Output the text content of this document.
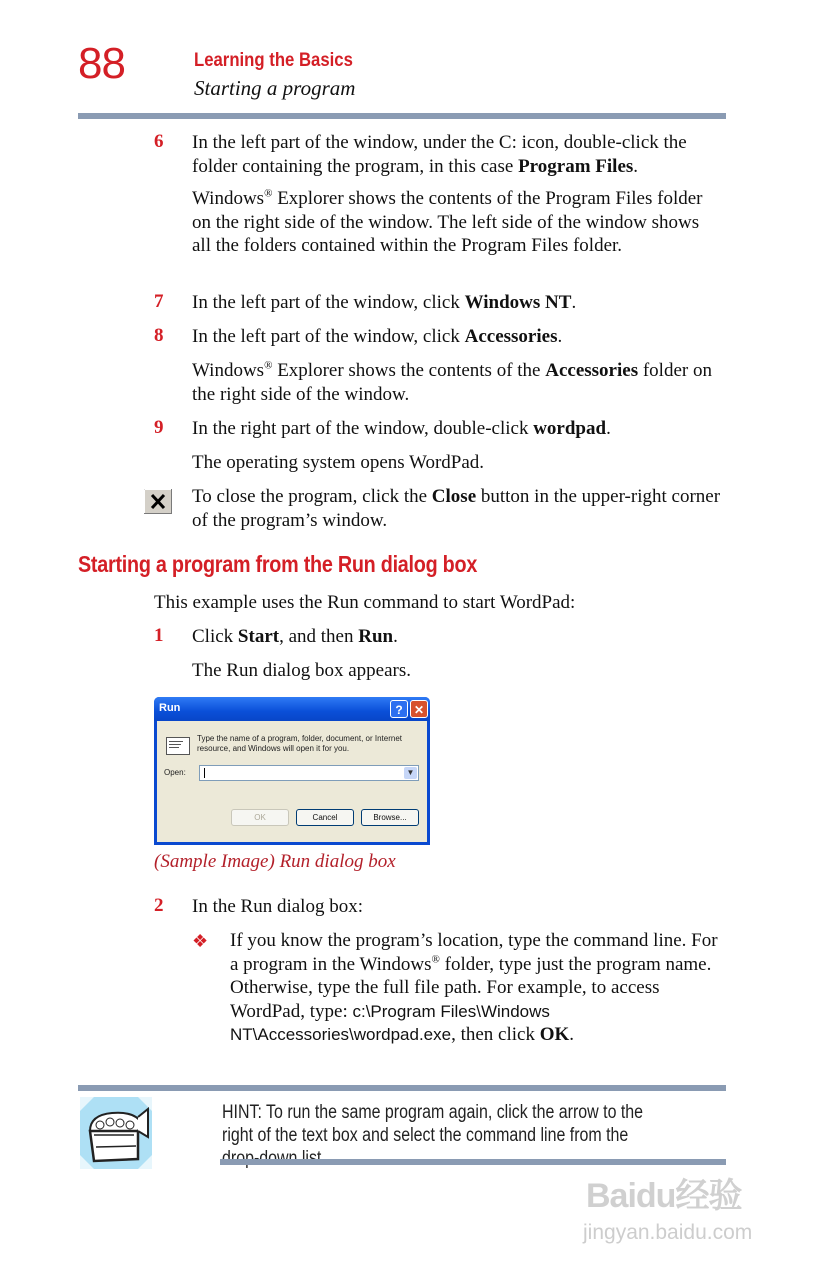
88	Learning the Basics
Starting a program
6 In the left part of the window, under the C: icon, double-click the folder containing the program, in this case Program Files.
Windows® Explorer shows the contents of the Program Files folder on the right side of the window. The left side of the window shows all the folders contained within the Program Files folder.
7 In the left part of the window, click Windows NT.
8 In the left part of the window, click Accessories.
Windows® Explorer shows the contents of the Accessories folder on the right side of the window.
9 In the right part of the window, double-click wordpad.
The operating system opens WordPad.
To close the program, click the Close button in the upper-right corner of the program’s window.
Starting a program from the Run dialog box
This example uses the Run command to start WordPad:
1 Click Start, and then Run.
The Run dialog box appears.
Run	? ✕
Type the name of a program, folder, document, or Internet resource, and Windows will open it for you.
Open:	▼
OK	Cancel	Browse...
(Sample Image) Run dialog box
2 In the Run dialog box:
❖ If you know the program’s location, type the command line. For a program in the Windows® folder, type just the program name. Otherwise, type the full file path. For example, to access WordPad, type: c:\Program Files\Windows NT\Accessories\wordpad.exe, then click OK.
HINT: To run the same program again, click the arrow to the right of the text box and select the command line from the
Baidu经验
jingyan.baidu.com
